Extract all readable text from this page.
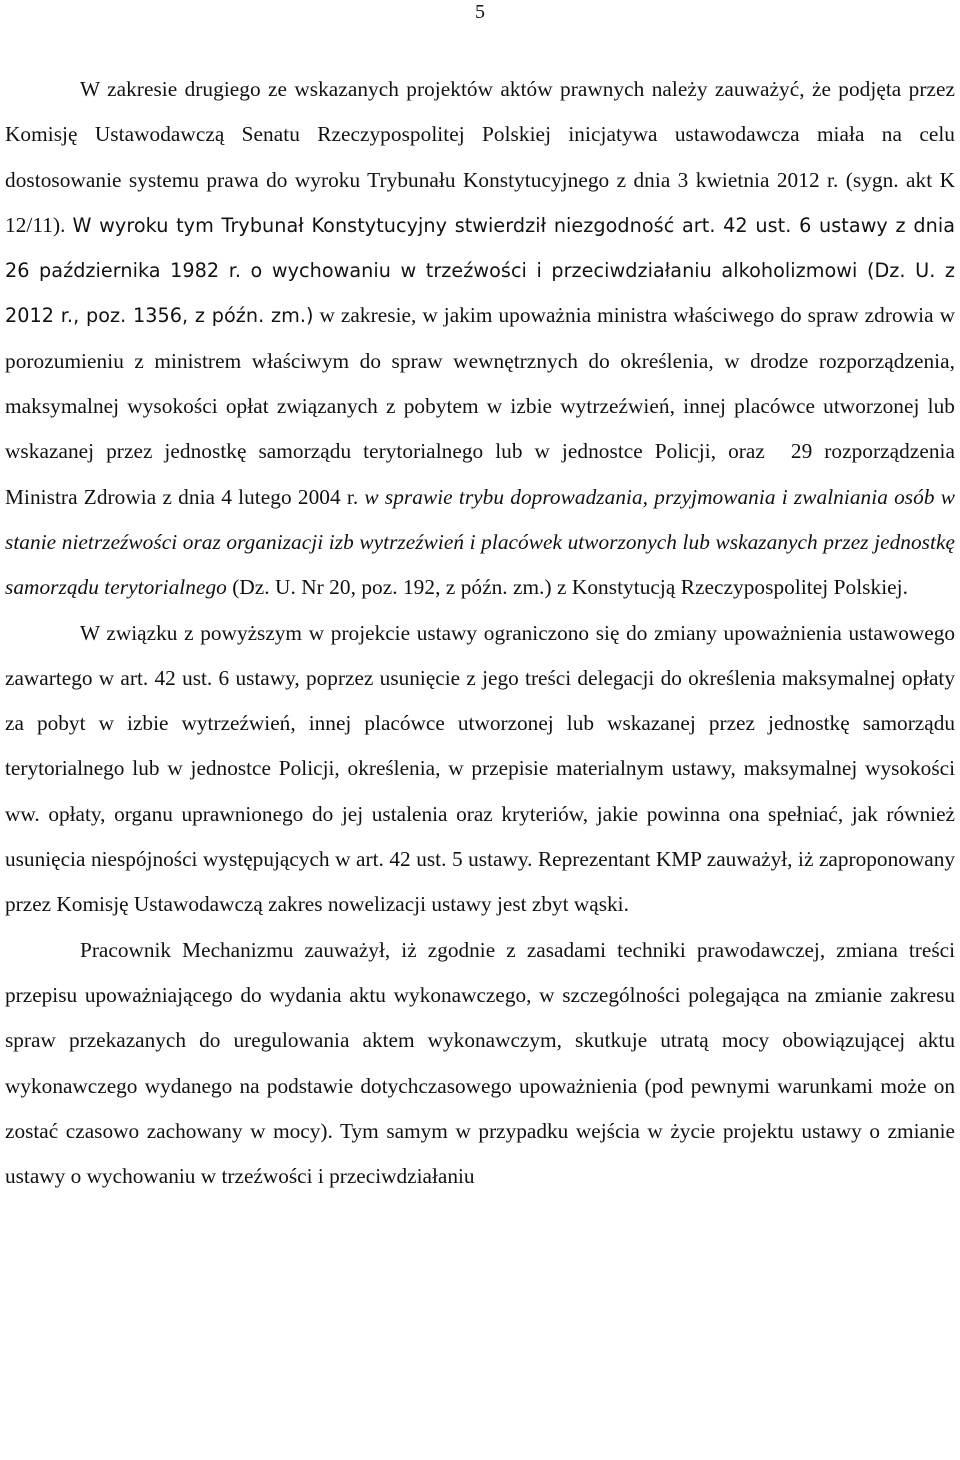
5

W zakresie drugiego ze wskazanych projektów aktów prawnych należy zauważyć, że podjęta przez Komisję Ustawodawczą Senatu Rzeczypospolitej Polskiej inicjatywa ustawodawcza miała na celu dostosowanie systemu prawa do wyroku Trybunału Konstytucyjnego z dnia 3 kwietnia 2012 r. (sygn. akt K 12/11). W wyroku tym Trybunał Konstytucyjny stwierdził niezgodność art. 42 ust. 6 ustawy z dnia 26 października 1982 r. o wychowaniu w trzeźwości i przeciwdziałaniu alkoholizmowi (Dz. U. z 2012 r., poz. 1356, z późn. zm.) w zakresie, w jakim upoważnia ministra właściwego do spraw zdrowia w porozumieniu z ministrem właściwym do spraw wewnętrznych do określenia, w drodze rozporządzenia, maksymalnej wysokości opłat związanych z pobytem w izbie wytrzeźwień, innej placówce utworzonej lub wskazanej przez jednostkę samorządu terytorialnego lub w jednostce Policji, oraz 29 rozporządzenia Ministra Zdrowia z dnia 4 lutego 2004 r. w sprawie trybu doprowadzania, przyjmowania i zwalniania osób w stanie nietrzeźwości oraz organizacji izb wytrzeźwień i placówek utworzonych lub wskazanych przez jednostkę samorządu terytorialnego (Dz. U. Nr 20, poz. 192, z późn. zm.) z Konstytucją Rzeczypospolitej Polskiej.

W związku z powyższym w projekcie ustawy ograniczono się do zmiany upoważnienia ustawowego zawartego w art. 42 ust. 6 ustawy, poprzez usunięcie z jego treści delegacji do określenia maksymalnej opłaty za pobyt w izbie wytrzeźwień, innej placówce utworzonej lub wskazanej przez jednostkę samorządu terytorialnego lub w jednostce Policji, określenia, w przepisie materialnym ustawy, maksymalnej wysokości ww. opłaty, organu uprawnionego do jej ustalenia oraz kryteriów, jakie powinna ona spełniać, jak również usunięcia niespójności występujących w art. 42 ust. 5 ustawy. Reprezentant KMP zauważył, iż zaproponowany przez Komisję Ustawodawczą zakres nowelizacji ustawy jest zbyt wąski.

Pracownik Mechanizmu zauważył, iż zgodnie z zasadami techniki prawodawczej, zmiana treści przepisu upoważniającego do wydania aktu wykonawczego, w szczególności polegająca na zmianie zakresu spraw przekazanych do uregulowania aktem wykonawczym, skutkuje utratą mocy obowiązującej aktu wykonawczego wydanego na podstawie dotychczasowego upoważnienia (pod pewnymi warunkami może on zostać czasowo zachowany w mocy). Tym samym w przypadku wejścia w życie projektu ustawy o zmianie ustawy o wychowaniu w trzeźwości i przeciwdziałaniu
